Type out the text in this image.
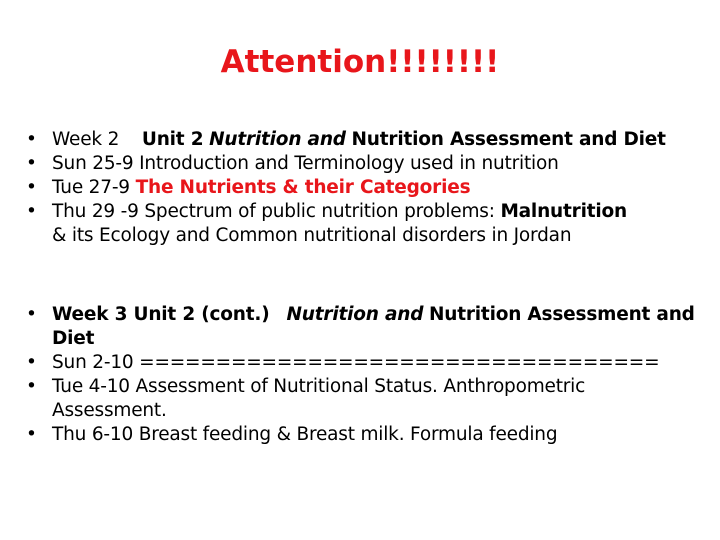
Attention!!!!!!!!
• Week 2 Unit 2 Nutrition and Nutrition Assessment and Diet
• Sun 25-9 Introduction and Terminology used in nutrition
• Tue 27-9 The Nutrients & their Categories
• Thu 29 -9 Spectrum of public nutrition problems: Malnutrition
& its Ecology and Common nutritional disorders in Jordan
• Week 3 Unit 2 (cont.) Nutrition and Nutrition Assessment and
Diet
• Sun 2-10 ==================================
• Tue 4-10 Assessment of Nutritional Status. Anthropometric
Assessment.
• Thu 6-10 Breast feeding & Breast milk. Formula feeding
